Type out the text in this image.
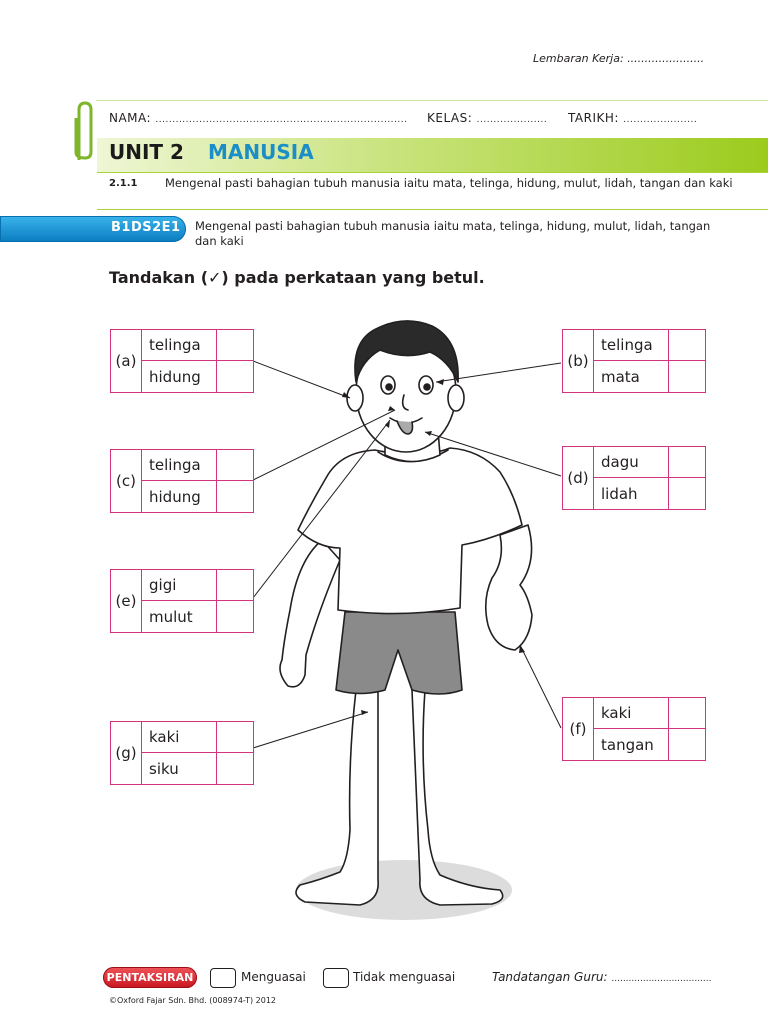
Lembaran Kerja: ......................
NAMA: ........................................................................... KELAS: ..................... TARIKH: ......................
UNIT 2 MANUSIA
2.1.1 Mengenal pasti bahagian tubuh manusia iaitu mata, telinga, hidung, mulut, lidah, tangan dan kaki
B1DS2E1 Mengenal pasti bahagian tubuh manusia iaitu mata, telinga, hidung, mulut, lidah, tangan dan kaki
Tandakan (✓) pada perkataan yang betul.
(a)
telinga
hidung
(b)
telinga
mata
(c)
telinga
hidung
(d)
dagu
lidah
(e)
gigi
mulut
(f)
kaki
tangan
(g)
kaki
siku
PENTAKSIRAN	Menguasai	Tidak menguasai	Tandatangan Guru: ...................................
©Oxford Fajar Sdn. Bhd. (008974-T) 2012
